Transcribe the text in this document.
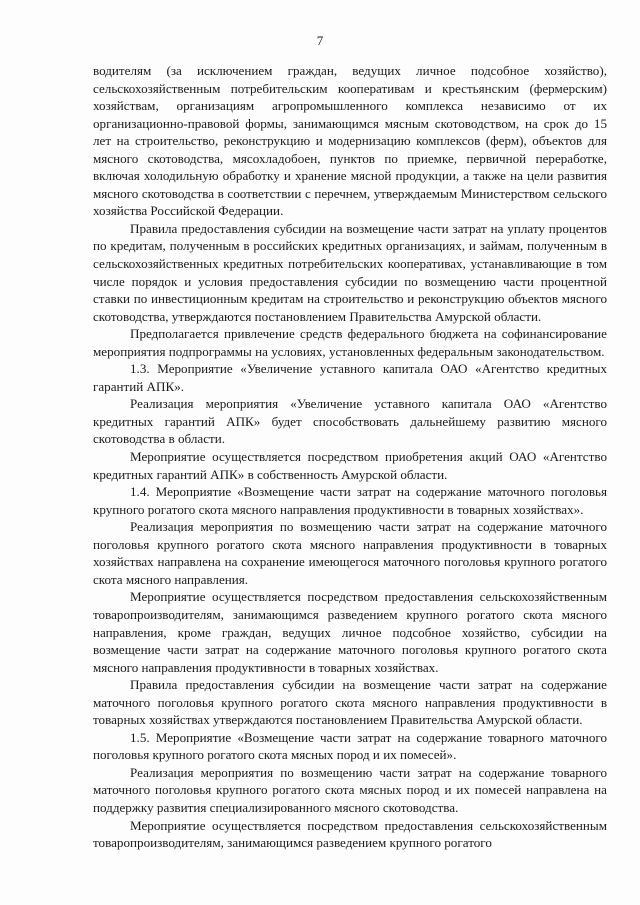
7

водителям (за исключением граждан, ведущих личное подсобное хозяйство), сельскохозяйственным потребительским кооперативам и крестьянским (фермерским) хозяйствам, организациям агропромышленного комплекса независимо от их организационно-правовой формы, занимающимся мясным скотоводством, на срок до 15 лет на строительство, реконструкцию и модернизацию комплексов (ферм), объектов для мясного скотоводства, мясохладобоен, пунктов по приемке, первичной переработке, включая холодильную обработку и хранение мясной продукции, а также на цели развития мясного скотоводства в соответствии с перечнем, утверждаемым Министерством сельского хозяйства Российской Федерации.

Правила предоставления субсидии на возмещение части затрат на уплату процентов по кредитам, полученным в российских кредитных организациях, и займам, полученным в сельскохозяйственных кредитных потребительских кооперативах, устанавливающие в том числе порядок и условия предоставления субсидии по возмещению части процентной ставки по инвестиционным кредитам на строительство и реконструкцию объектов мясного скотоводства, утверждаются постановлением Правительства Амурской области.

Предполагается привлечение средств федерального бюджета на софинансирование мероприятия подпрограммы на условиях, установленных федеральным законодательством.

1.3. Мероприятие «Увеличение уставного капитала ОАО «Агентство кредитных гарантий АПК».

Реализация мероприятия «Увеличение уставного капитала ОАО «Агентство кредитных гарантий АПК» будет способствовать дальнейшему развитию мясного скотоводства в области.

Мероприятие осуществляется посредством приобретения акций ОАО «Агентство кредитных гарантий АПК» в собственность Амурской области.

1.4. Мероприятие «Возмещение части затрат на содержание маточного поголовья крупного рогатого скота мясного направления продуктивности в товарных хозяйствах».

Реализация мероприятия по возмещению части затрат на содержание маточного поголовья крупного рогатого скота мясного направления продуктивности в товарных хозяйствах направлена на сохранение имеющегося маточного поголовья крупного рогатого скота мясного направления.

Мероприятие осуществляется посредством предоставления сельскохозяйственным товаропроизводителям, занимающимся разведением крупного рогатого скота мясного направления, кроме граждан, ведущих личное подсобное хозяйство, субсидии на возмещение части затрат на содержание маточного поголовья крупного рогатого скота мясного направления продуктивности в товарных хозяйствах.

Правила предоставления субсидии на возмещение части затрат на содержание маточного поголовья крупного рогатого скота мясного направления продуктивности в товарных хозяйствах утверждаются постановлением Правительства Амурской области.

1.5. Мероприятие «Возмещение части затрат на содержание товарного маточного поголовья крупного рогатого скота мясных пород и их помесей».

Реализация мероприятия по возмещению части затрат на содержание товарного маточного поголовья крупного рогатого скота мясных пород и их помесей направлена на поддержку развития специализированного мясного скотоводства.

Мероприятие осуществляется посредством предоставления сельскохозяйственным товаропроизводителям, занимающимся разведением крупного рогатого
